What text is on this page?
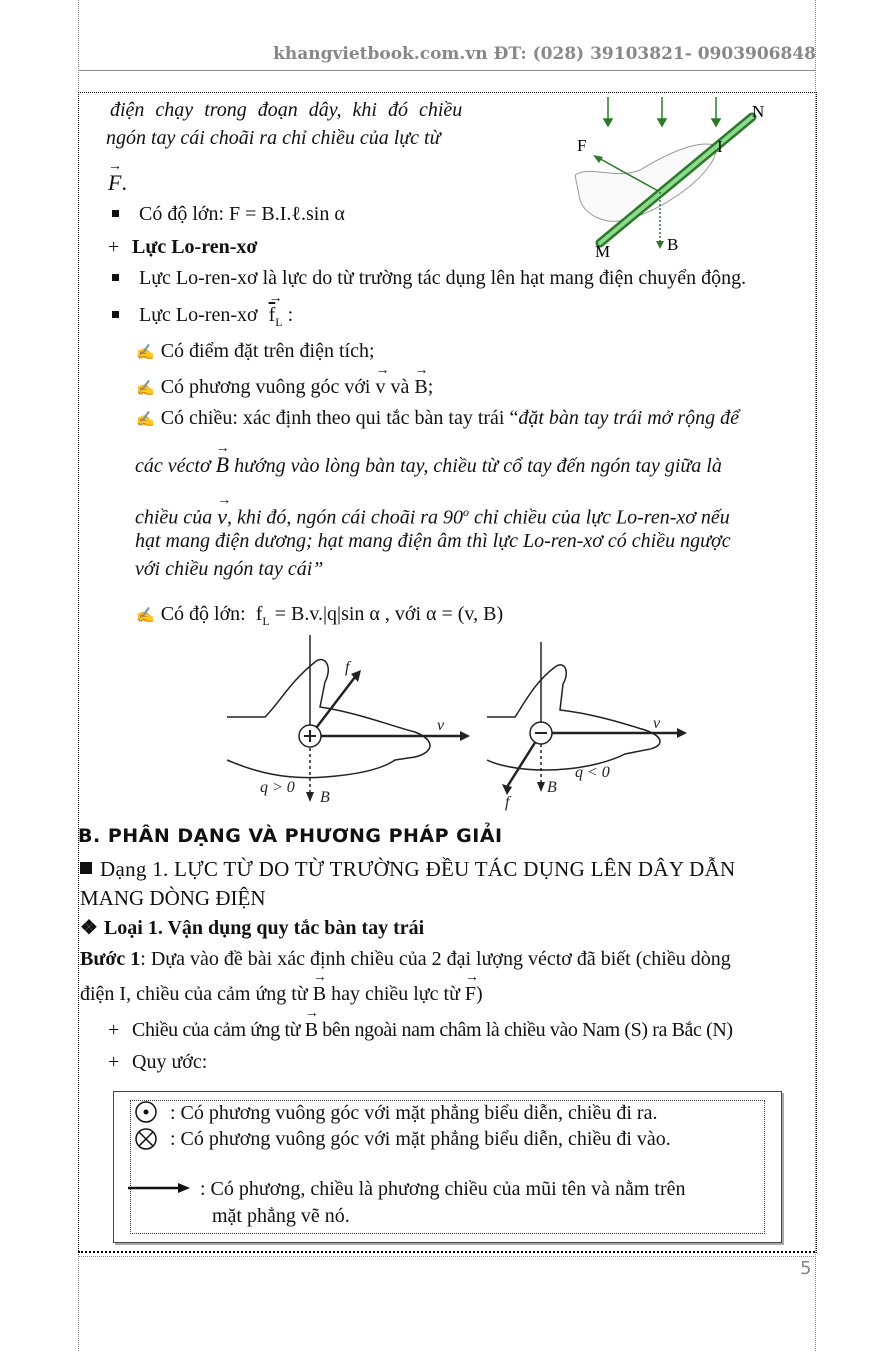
khangvietbook.com.vn ĐT: (028) 39103821- 0903906848
điện chạy trong đoạn dây, khi đó chiều
ngón tay cái choãi ra chỉ chiều của lực từ
→
F.
F	I
N
M	B
Có độ lớn: F = B.I.ℓ.sin α
+ Lực Lo-ren-xơ
Lực Lo-ren-xơ là lực do từ trường tác dụng lên hạt mang điện chuyển động.
Lực Lo-ren-xơ
→
$\overline{f}_L$ :
✍ Có điểm đặt trên điện tích;
✍ Có phương vuông góc với
→
v và
→
B;
✍ Có chiều: xác định theo qui tắc bàn tay trái “đặt bàn tay trái mở rộng để
các véctơ
→
B hướng vào lòng bàn tay, chiều từ cổ tay đến ngón tay giữa là
chiều của
→
v, khi đó, ngón cái choãi ra 90$^o$ chỉ chiều của lực Lo-ren-xơ nếu
hạt mang điện dương; hạt mang điện âm thì lực Lo-ren-xơ có chiều ngược
với chiều ngón tay cái”
✍ Có độ lớn: $f_L = B.v.|q|\sin$ α , với α = (v, B)
f
v
B
q > 0
v
B
f
q < 0
B. PHÂN DẠNG VÀ PHƯƠNG PHÁP GIẢI
Dạng 1. LỰC TỪ DO TỪ TRƯỜNG ĐỀU TÁC DỤNG LÊN DÂY DẪN
MANG DÒNG ĐIỆN
❖ Loại 1. Vận dụng quy tắc bàn tay trái
Bước 1: Dựa vào đề bài xác định chiều của 2 đại lượng véctơ đã biết (chiều dòng
điện I, chiều của cảm ứng từ
→
B hay chiều lực từ
→
F)
+ Chiều của cảm ứng từ
→
B bên ngoài nam châm là chiều vào Nam (S) ra Bắc (N)
+ Quy ước:
: Có phương vuông góc với mặt phẳng biểu diễn, chiều đi ra.
: Có phương vuông góc với mặt phẳng biểu diễn, chiều đi vào.
: Có phương, chiều là phương chiều của mũi tên và nằm trên
mặt phẳng vẽ nó.
5
